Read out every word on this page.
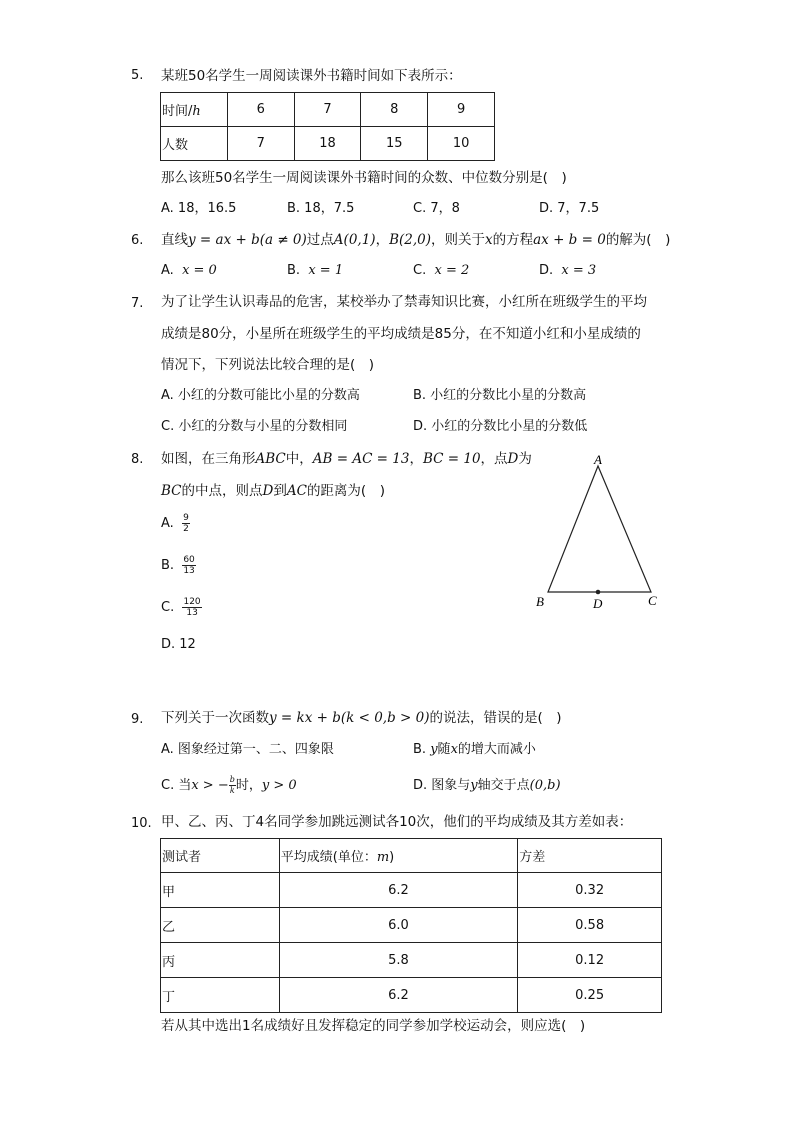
5. 某班50名学生一周阅读课外书籍时间如下表所示：
时间/h	6	7	8	9
人数	7	18	15	10
那么该班50名学生一周阅读课外书籍时间的众数、中位数分别是(　)
A. 18，16.5	B. 18，7.5	C. 7，8	D. 7，7.5
6. 直线y = ax + b(a ≠ 0)过点A(0,1)，B(2,0)，则关于x的方程ax + b = 0的解为(　)
A. x = 0	B. x = 1	C. x = 2	D. x = 3
7. 为了让学生认识毒品的危害，某校举办了禁毒知识比赛，小红所在班级学生的平均
成绩是80分，小星所在班级学生的平均成绩是85分，在不知道小红和小星成绩的
情况下，下列说法比较合理的是(　)
A. 小红的分数可能比小星的分数高	B. 小红的分数比小星的分数高
C. 小红的分数与小星的分数相同	D. 小红的分数比小星的分数低
8. 如图，在三角形ABC中，AB = AC = 13，BC = 10，点D为
BC的中点，则点D到AC的距离为(　)
A. $\frac{9}{2}$
B. $\frac{60}{13}$
C. $\frac{120}{13}$
D. 12
A
B	C
D
9. 下列关于一次函数y = kx + b(k < 0,b > 0)的说法，错误的是(　)
A. 图象经过第一、二、四象限	B. y随x的增大而减小
C. 当x > − $\frac{b}{k}$ 时，y > 0	D. 图象与y轴交于点(0,b)
10. 甲、乙、丙、丁4名同学参加跳远测试各10次，他们的平均成绩及其方差如表：
测试者	平均成绩(单位：m)	方差
甲	6.2	0.32
乙	6.0	0.58
丙	5.8	0.12
丁	6.2	0.25
若从其中选出1名成绩好且发挥稳定的同学参加学校运动会，则应选(　)
